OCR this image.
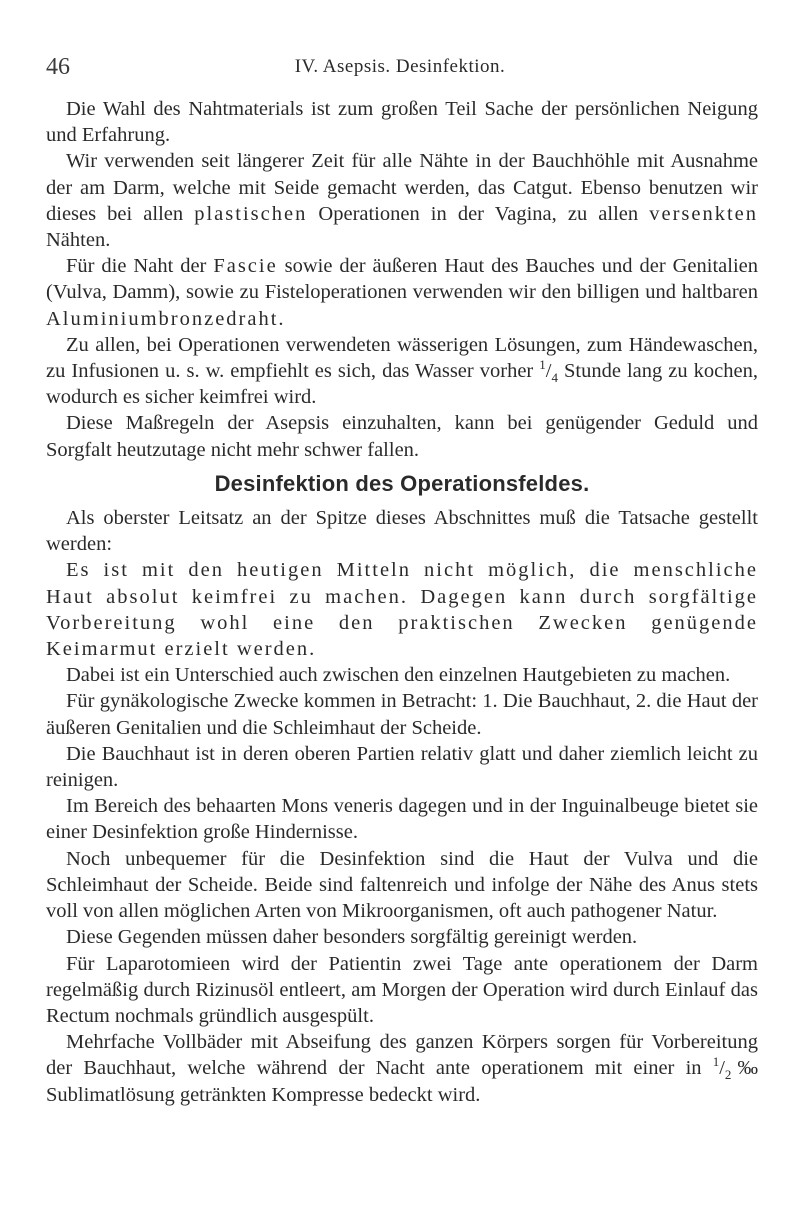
46	IV. Asepsis. Desinfektion.

Die Wahl des Nahtmaterials ist zum großen Teil Sache der persönlichen Neigung und Erfahrung.

Wir verwenden seit längerer Zeit für alle Nähte in der Bauchhöhle mit Ausnahme der am Darm, welche mit Seide gemacht werden, das Catgut. Ebenso benutzen wir dieses bei allen plastischen Operationen in der Vagina, zu allen versenkten Nähten.

Für die Naht der Fascie sowie der äußeren Haut des Bauches und der Genitalien (Vulva, Damm), sowie zu Fisteloperationen verwenden wir den billigen und haltbaren Aluminiumbronzedraht.

Zu allen, bei Operationen verwendeten wässerigen Lösungen, zum Händewaschen, zu Infusionen u. s. w. empfiehlt es sich, das Wasser vorher $^1/_4$ Stunde lang zu kochen, wodurch es sicher keimfrei wird.

Diese Maßregeln der Asepsis einzuhalten, kann bei genügender Geduld und Sorgfalt heutzutage nicht mehr schwer fallen.

Desinfektion des Operationsfeldes.

Als oberster Leitsatz an der Spitze dieses Abschnittes muß die Tatsache gestellt werden:

Es ist mit den heutigen Mitteln nicht möglich, die menschliche Haut absolut keimfrei zu machen. Dagegen kann durch sorgfältige Vorbereitung wohl eine den praktischen Zwecken genügende Keimarmut erzielt werden.

Dabei ist ein Unterschied auch zwischen den einzelnen Hautgebieten zu machen.

Für gynäkologische Zwecke kommen in Betracht: 1. Die Bauchhaut, 2. die Haut der äußeren Genitalien und die Schleimhaut der Scheide.

Die Bauchhaut ist in deren oberen Partien relativ glatt und daher ziemlich leicht zu reinigen.

Im Bereich des behaarten Mons veneris dagegen und in der Inguinalbeuge bietet sie einer Desinfektion große Hindernisse.

Noch unbequemer für die Desinfektion sind die Haut der Vulva und die Schleimhaut der Scheide. Beide sind faltenreich und infolge der Nähe des Anus stets voll von allen möglichen Arten von Mikroorganismen, oft auch pathogener Natur.

Diese Gegenden müssen daher besonders sorgfältig gereinigt werden.

Für Laparotomieen wird der Patientin zwei Tage ante operationem der Darm regelmäßig durch Rizinusöl entleert, am Morgen der Operation wird durch Einlauf das Rectum nochmals gründlich ausgespült.

Mehrfache Vollbäder mit Abseifung des ganzen Körpers sorgen für Vorbereitung der Bauchhaut, welche während der Nacht ante operationem mit einer in $^1/_2‰$ Sublimatlösung getränkten Kompresse bedeckt wird.
